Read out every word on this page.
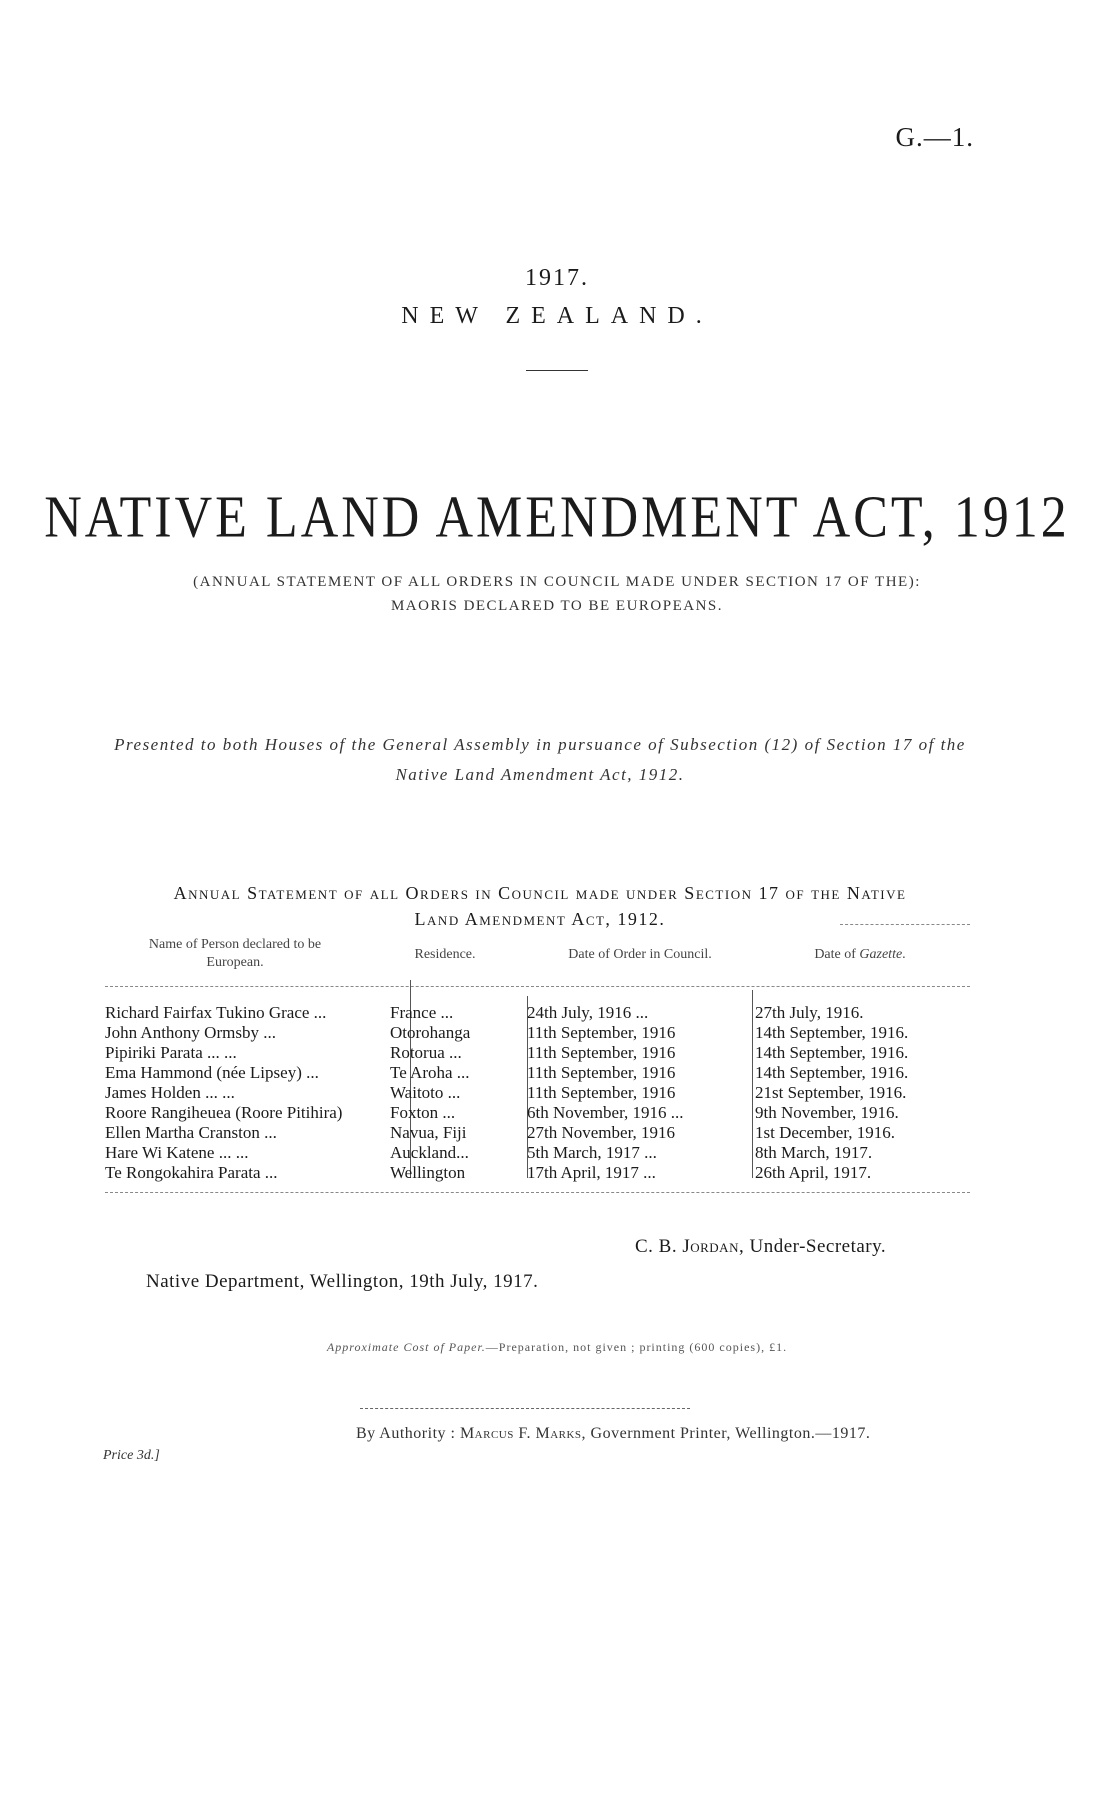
G.—1.
1917.
NEW ZEALAND.
NATIVE LAND AMENDMENT ACT, 1912
(ANNUAL STATEMENT OF ALL ORDERS IN COUNCIL MADE UNDER SECTION 17 OF THE):
MAORIS DECLARED TO BE EUROPEANS.
Presented to both Houses of the General Assembly in pursuance of Subsection (12) of Section 17 of the
Native Land Amendment Act, 1912.
Annual Statement of all Orders in Council made under Section 17 of the Native
Land Amendment Act, 1912.
Name of Person declared to be
European.
Residence.	Date of Order in Council.	Date of Gazette.
Richard Fairfax Tukino Grace ...	France ...	24th July, 1916 ...	27th July, 1916.
John Anthony Ormsby ...	Otorohanga	11th September, 1916	14th September, 1916.
Pipiriki Parata ... ...	Rotorua ...	11th September, 1916	14th September, 1916.
Ema Hammond (née Lipsey) ...	Te Aroha ...	11th September, 1916	14th September, 1916.
James Holden ... ...	Waitoto ...	11th September, 1916	21st September, 1916.
Roore Rangiheuea (Roore Pitihira)	Foxton ...	6th November, 1916 ...	9th November, 1916.
Ellen Martha Cranston ...	Navua, Fiji	27th November, 1916	1st December, 1916.
Hare Wi Katene ... ...	Auckland...	5th March, 1917 ...	8th March, 1917.
Te Rongokahira Parata ...	Wellington	17th April, 1917 ...	26th April, 1917.
C. B. Jordan, Under-Secretary.
Native Department, Wellington, 19th July, 1917.
Approximate Cost of Paper.—Preparation, not given ; printing (600 copies), £1.
By Authority : Marcus F. Marks, Government Printer, Wellington.—1917.
Price 3d.]
